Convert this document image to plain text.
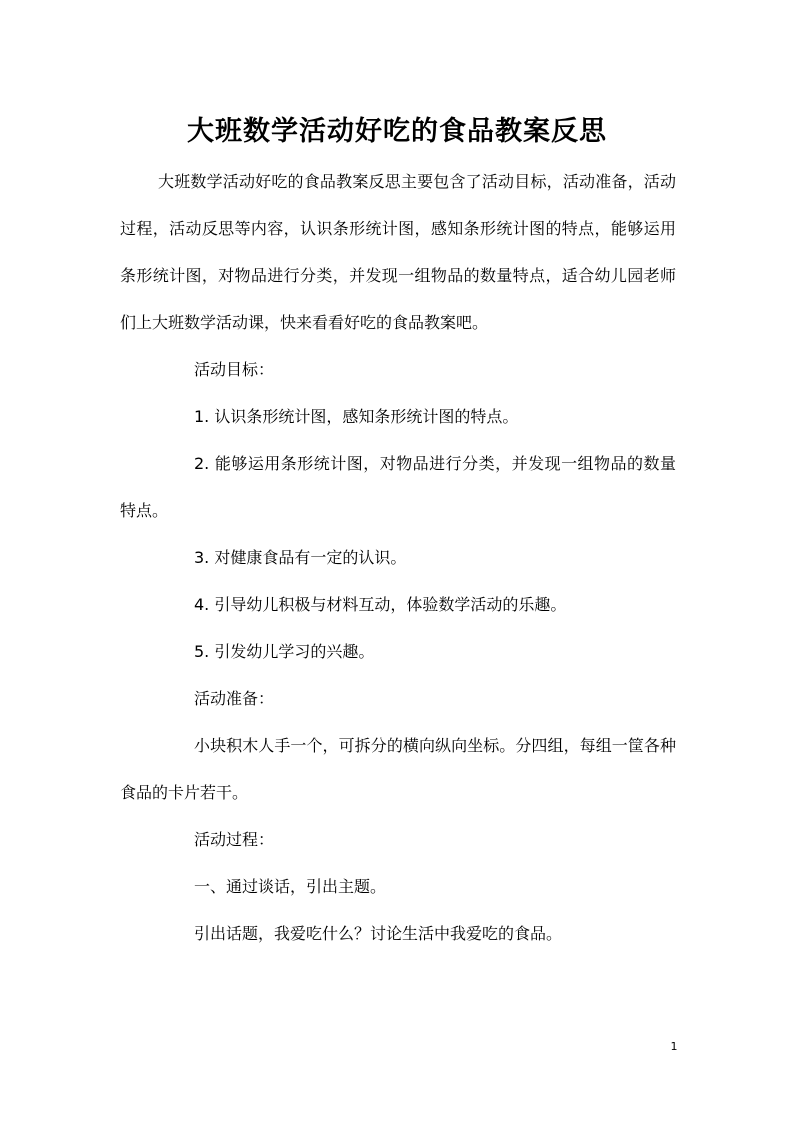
大班数学活动好吃的食品教案反思

大班数学活动好吃的食品教案反思主要包含了活动目标，活动准备，活动过程，活动反思等内容，认识条形统计图，感知条形统计图的特点，能够运用条形统计图，对物品进行分类，并发现一组物品的数量特点，适合幼儿园老师们上大班数学活动课，快来看看好吃的食品教案吧。

活动目标：

1. 认识条形统计图，感知条形统计图的特点。

2. 能够运用条形统计图，对物品进行分类，并发现一组物品的数量特点。

3. 对健康食品有一定的认识。

4. 引导幼儿积极与材料互动，体验数学活动的乐趣。

5. 引发幼儿学习的兴趣。

活动准备：

小块积木人手一个，可拆分的横向纵向坐标。分四组，每组一筐各种食品的卡片若干。

活动过程：

一、通过谈话，引出主题。

引出话题，我爱吃什么？讨论生活中我爱吃的食品。

1
